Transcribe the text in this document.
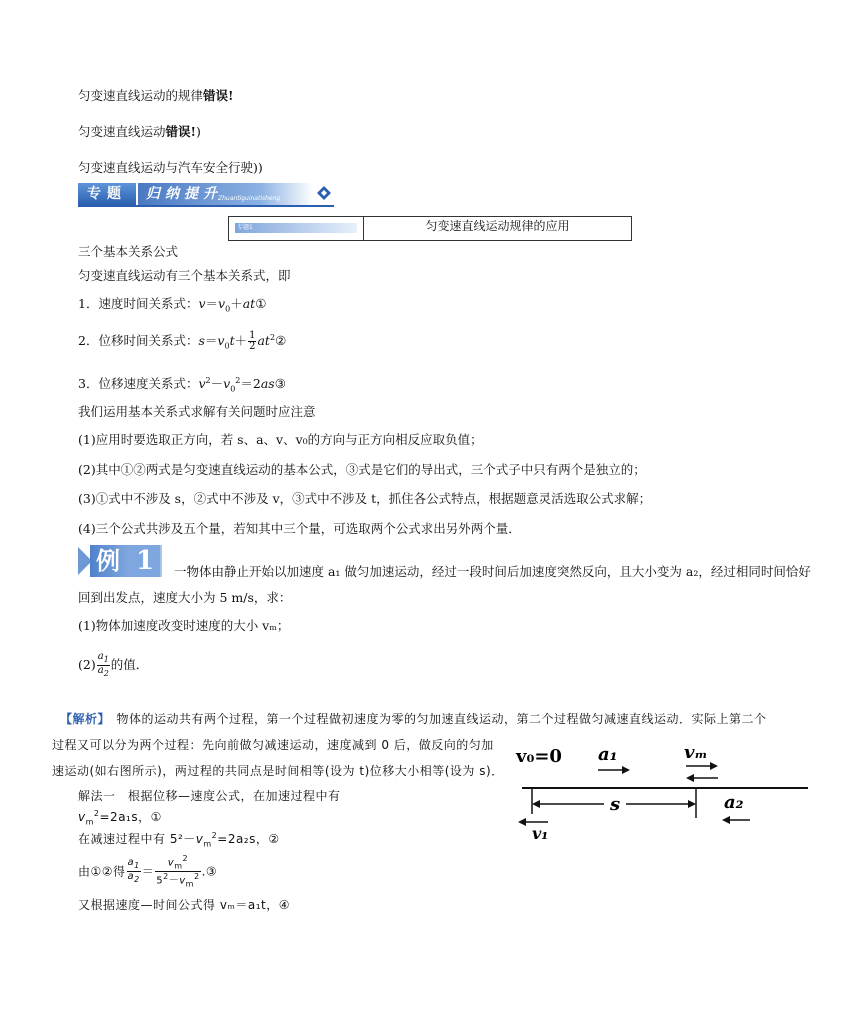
匀变速直线运动的规律错误!
匀变速直线运动错误!)
匀变速直线运动与汽车安全行驶))
专题	归纳提升
Zhuantiguinatisheng
专题1	匀变速直线运动规律的应用
三个基本关系公式
匀变速直线运动有三个基本关系式，即
1．速度时间关系式：$v=v_0+at①$
2．位移时间关系式：$s=v_0t+ \frac{1}{2}$ $at^2②$
3．位移速度关系式：$v^2-v_0^2=2as③$
我们运用基本关系式求解有关问题时应注意
(1)应用时要选取正方向，若 s、a、v、v₀的方向与正方向相反应取负值；
(2)其中①②两式是匀变速直线运动的基本公式，③式是它们的导出式，三个式子中只有两个是独立的；
(3)①式中不涉及 s，②式中不涉及 v，③式中不涉及 t，抓住各公式特点，根据题意灵活选取公式求解；
(4)三个公式共涉及五个量，若知其中三个量，可选取两个公式求出另外两个量．
例 1	一物体由静止开始以加速度 a₁ 做匀加速运动，经过一段时间后加速度突然反向，且大小变为 a₂，经过相同时间恰好
回到出发点，速度大小为 5 m/s，求：
(1)物体加速度改变时速度的大小 vₘ；
$(2) \frac{a_1}{a_2}$ 的值．
【解析】　 物体的运动共有两个过程，第一个过程做初速度为零的匀加速直线运动，第二个过程做匀减速直线运动．实际上第二个
过程又可以分为两个过程：先向前做匀减速运动，速度减到 0 后，做反向的匀加
速运动(如右图所示)，两过程的共同点是时间相等(设为 t)位移大小相等(设为 s)．
解法一　根据位移—速度公式，在加速过程中有
$v_m^2=2a_1s$，①
在减速过程中有 $5^2-v_m^2=2a_2s$，②
由①②得 $\frac{a_1}{a_2} = \frac{v_m^2}{5^2-v_m^2}$ .③
又根据速度—时间公式得 vₘ＝a₁t，④
v₀=0 a₁	vₘ
s	a₂
v₁
